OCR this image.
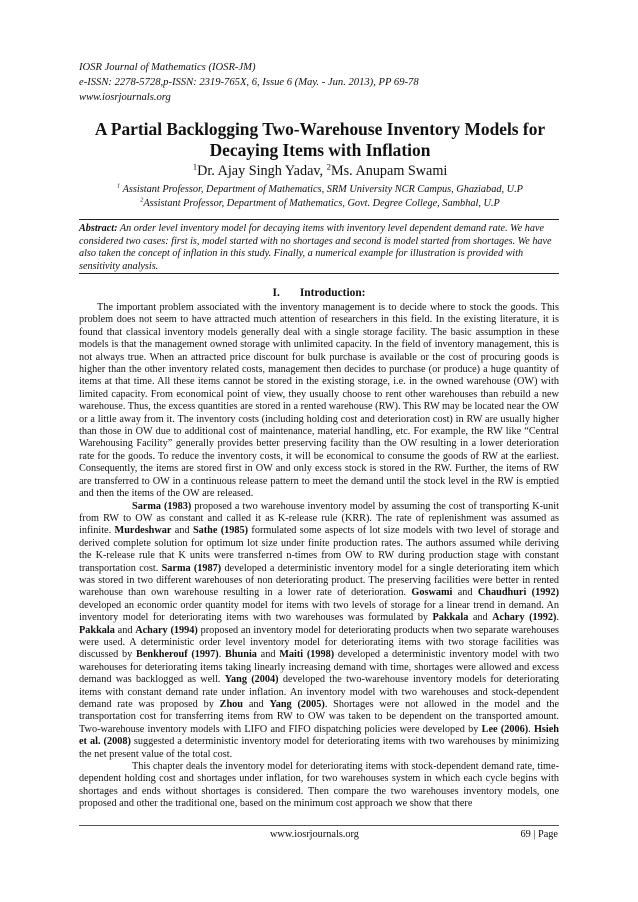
IOSR Journal of Mathematics (IOSR-JM)
e-ISSN: 2278-5728,p-ISSN: 2319-765X, 6, Issue 6 (May. - Jun. 2013), PP 69-78
www.iosrjournals.org
A Partial Backlogging Two-Warehouse Inventory Models for
Decaying Items with Inflation
$^1$Dr. Ajay Singh Yadav, $^2$Ms. Anupam Swami
$^1$ Assistant Professor, Department of Mathematics, SRM University NCR Campus, Ghaziabad, U.P
$^2$Assistant Professor, Department of Mathematics, Govt. Degree College, Sambhal, U.P
Abstract: An order level inventory model for decaying items with inventory level dependent demand rate. We have considered two cases: first is, model started with no shortages and second is model started from shortages. We have also taken the concept of inflation in this study. Finally, a numerical example for illustration is provided with sensitivity analysis.
I. Introduction:

The important problem associated with the inventory management is to decide where to stock the goods. This problem does not seem to have attracted much attention of researchers in this field. In the existing literature, it is found that classical inventory models generally deal with a single storage facility. The basic assumption in these models is that the management owned storage with unlimited capacity. In the field of inventory management, this is not always true. When an attracted price discount for bulk purchase is available or the cost of procuring goods is higher than the other inventory related costs, management then decides to purchase (or produce) a huge quantity of items at that time. All these items cannot be stored in the existing storage, i.e. in the owned warehouse (OW) with limited capacity. From economical point of view, they usually choose to rent other warehouses than rebuild a new warehouse. Thus, the excess quantities are stored in a rented warehouse (RW). This RW may be located near the OW or a little away from it. The inventory costs (including holding cost and deterioration cost) in RW are usually higher than those in OW due to additional cost of maintenance, material handling, etc. For example, the RW like “Central Warehousing Facility” generally provides better preserving facility than the OW resulting in a lower deterioration rate for the goods. To reduce the inventory costs, it will be economical to consume the goods of RW at the earliest. Consequently, the items are stored first in OW and only excess stock is stored in the RW. Further, the items of RW are transferred to OW in a continuous release pattern to meet the demand until the stock level in the RW is emptied and then the items of the OW are released.

Sarma (1983) proposed a two warehouse inventory model by assuming the cost of transporting K-unit from RW to OW as constant and called it as K-release rule (KRR). The rate of replenishment was assumed as infinite. Murdeshwar and Sathe (1985) formulated some aspects of lot size models with two level of storage and derived complete solution for optimum lot size under finite production rates. The authors assumed while deriving the K-release rule that K units were transferred n-times from OW to RW during production stage with constant transportation cost. Sarma (1987) developed a deterministic inventory model for a single deteriorating item which was stored in two different warehouses of non deteriorating product. The preserving facilities were better in rented warehouse than own warehouse resulting in a lower rate of deterioration. Goswami and Chaudhuri (1992) developed an economic order quantity model for items with two levels of storage for a linear trend in demand. An inventory model for deteriorating items with two warehouses was formulated by Pakkala and Achary (1992). Pakkala and Achary (1994) proposed an inventory model for deteriorating products when two separate warehouses were used. A deterministic order level inventory model for deteriorating items with two storage facilities was discussed by Benkherouf (1997). Bhunia and Maiti (1998) developed a deterministic inventory model with two warehouses for deteriorating items taking linearly increasing demand with time, shortages were allowed and excess demand was backlogged as well. Yang (2004) developed the two-warehouse inventory models for deteriorating items with constant demand rate under inflation. An inventory model with two warehouses and stock-dependent demand rate was proposed by Zhou and Yang (2005). Shortages were not allowed in the model and the transportation cost for transferring items from RW to OW was taken to be dependent on the transported amount. Two-warehouse inventory models with LIFO and FIFO dispatching policies were developed by Lee (2006). Hsieh et al. (2008) suggested a deterministic inventory model for deteriorating items with two warehouses by minimizing the net present value of the total cost.

This chapter deals the inventory model for deteriorating items with stock-dependent demand rate, time-dependent holding cost and shortages under inflation, for two warehouses system in which each cycle begins with shortages and ends without shortages is considered. Then compare the two warehouses inventory models, one proposed and other the traditional one, based on the minimum cost approach we show that there

www.iosrjournals.org	69 | Page
